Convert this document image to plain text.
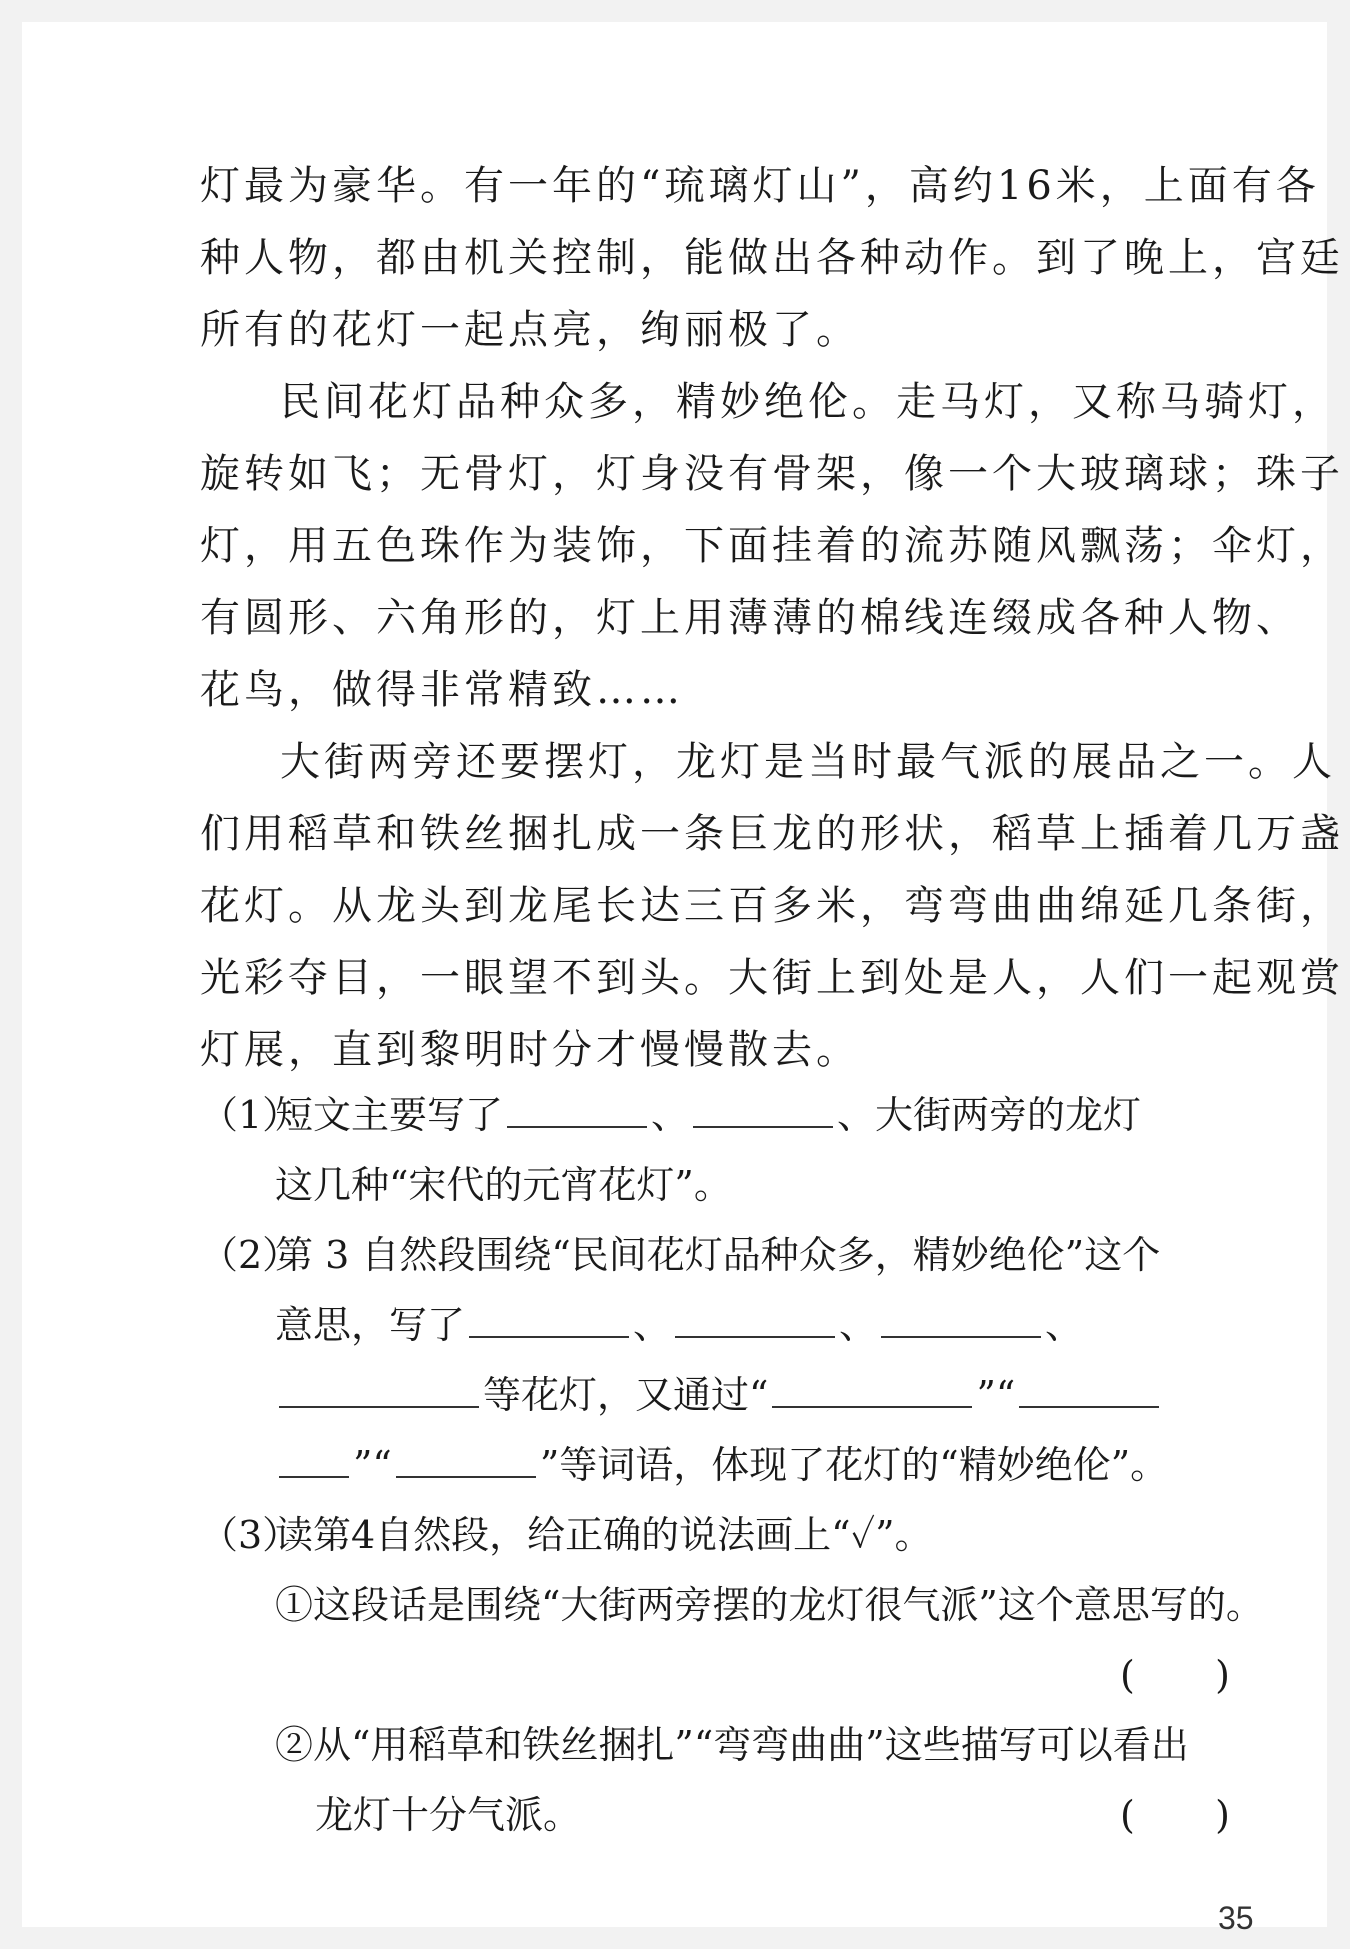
灯最为豪华。有一年的“琉璃灯山”，高约16米，上面有各
种人物，都由机关控制，能做出各种动作。到了晚上，宫廷
所有的花灯一起点亮，绚丽极了。
民间花灯品种众多，精妙绝伦。走马灯，又称马骑灯，
旋转如飞；无骨灯，灯身没有骨架，像一个大玻璃球；珠子
灯，用五色珠作为装饰，下面挂着的流苏随风飘荡；伞灯，
有圆形、六角形的，灯上用薄薄的棉线连缀成各种人物、
花鸟，做得非常精致……
大街两旁还要摆灯，龙灯是当时最气派的展品之一。人
们用稻草和铁丝捆扎成一条巨龙的形状，稻草上插着几万盏
花灯。从龙头到龙尾长达三百多米，弯弯曲曲绵延几条街，
光彩夺目，一眼望不到头。大街上到处是人，人们一起观赏
灯展，直到黎明时分才慢慢散去。
（1）短文主要写了	、	、大街两旁的龙灯
这几种“宋代的元宵花灯”。
（2）第 3 自然段围绕“民间花灯品种众多，精妙绝伦”这个
意思，写了	、	、	、
等花灯，又通过“	”“
”“	”等词语，体现了花灯的“精妙绝伦”。
（3）读第4自然段，给正确的说法画上“✓”。
①这段话是围绕“大街两旁摆的龙灯很气派”这个意思写的。
( )
②从“用稻草和铁丝捆扎”“弯弯曲曲”这些描写可以看出
龙灯十分气派。	( )
35
